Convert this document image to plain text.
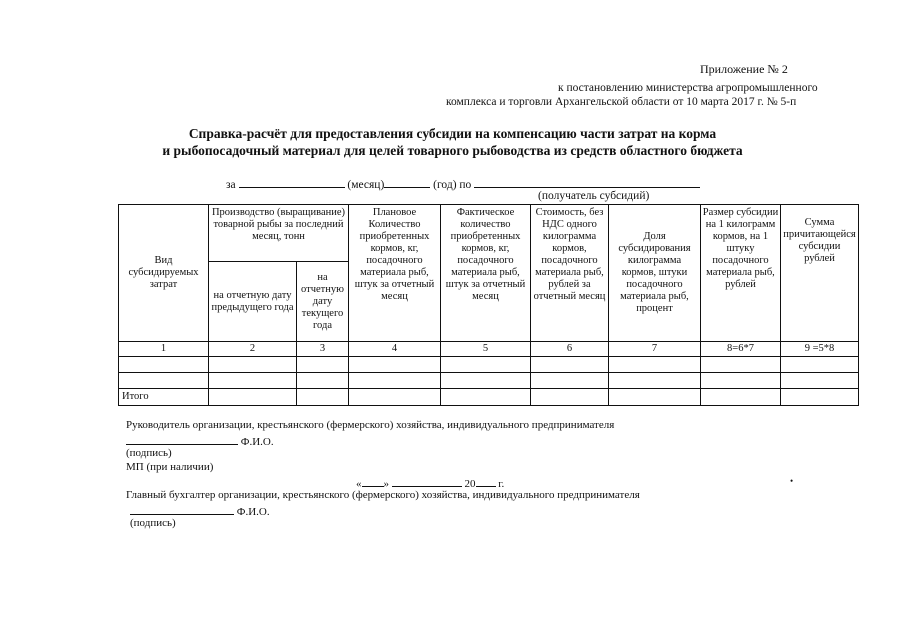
Приложение № 2
к постановлению министерства агропромышленного
комплекса и торговли Архангельской области от 10 марта 2017 г. № 5-п
Справка-расчёт для предоставления субсидии на компенсацию части затрат на корма
и рыбопосадочный материал для целей товарного рыбоводства из средств областного бюджета
за	(месяц)	(год) по
(получатель субсидий)
Вид субсидируемых затрат	Производство (выращивание) товарной рыбы за последний месяц, тонн		Плановое Количество приобретенных кормов, кг, посадочного материала рыб, штук за отчетный месяц	Фактическое количество приобретенных кормов, кг, посадочного материала рыб, штук за отчетный месяц	Стоимость, без НДС одного килограмма кормов, посадочного материала рыб, рублей за отчетный месяц	Доля субсидирования килограмма кормов, штуки посадочного материала рыб, процент	Размер субсидии на 1 килограмм кормов, на 1 штуку посадочного материала рыб, рублей	Сумма причитающейся субсидии рублей
	на отчетную дату предыдущего года	на отчетную дату текущего года						
1	2	3	4	5	6	7	8=6*7	9 =5*8

Итого								
Руководитель организации, крестьянского (фермерского) хозяйства, индивидуального предпринимателя
Ф.И.О.
(подпись)
МП (при наличии)
« »	20 г.	•
Главный бухгалтер организации, крестьянского (фермерского) хозяйства, индивидуального предпринимателя
Ф.И.О.
(подпись)
